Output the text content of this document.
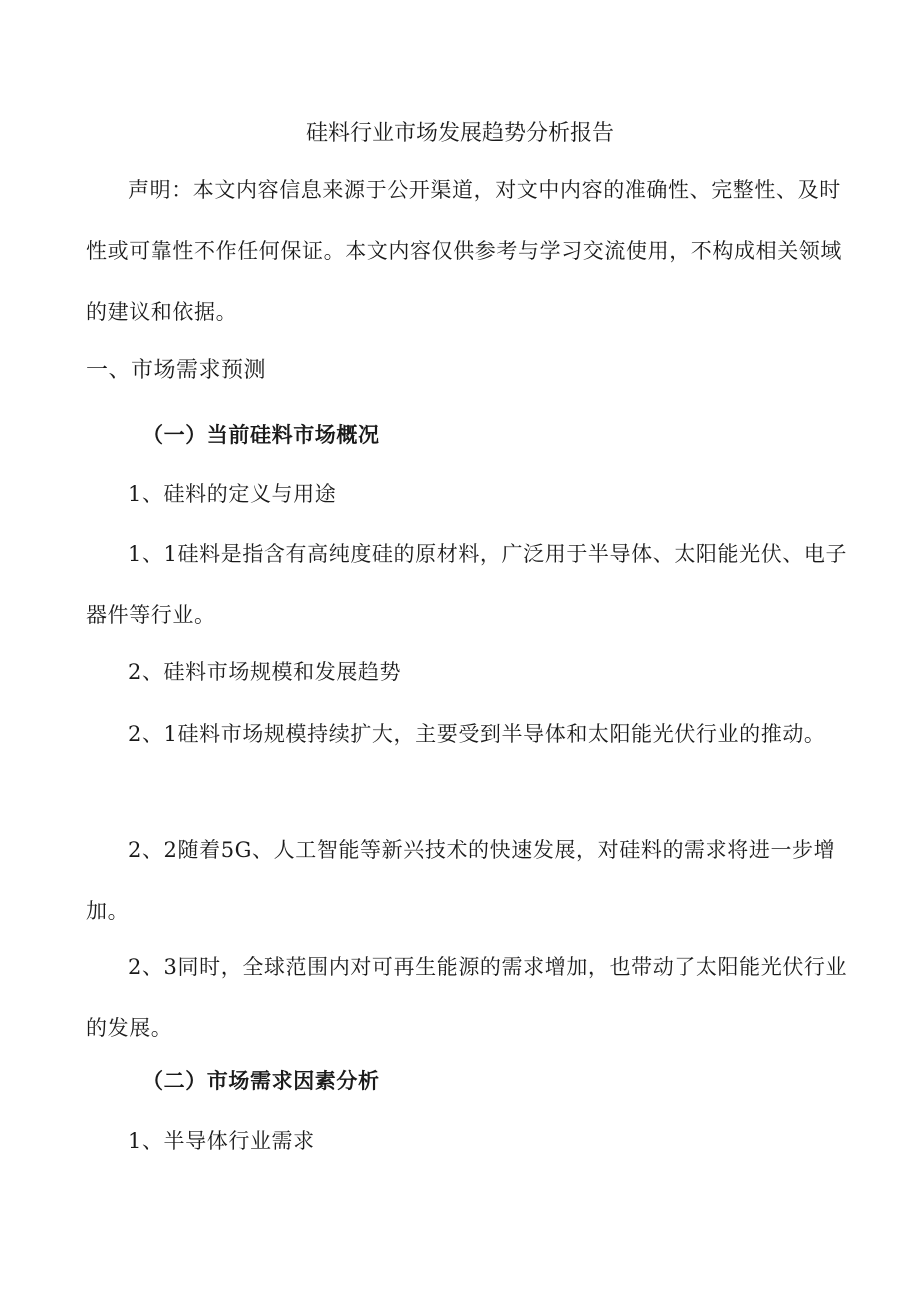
硅料行业市场发展趋势分析报告

声明：本文内容信息来源于公开渠道，对文中内容的准确性、完整性、及时性或可靠性不作任何保证。本文内容仅供参考与学习交流使用，不构成相关领域的建议和依据。

一、市场需求预测
（一）当前硅料市场概况

1、硅料的定义与用途

1、1硅料是指含有高纯度硅的原材料，广泛用于半导体、太阳能光伏、电子器件等行业。

2、硅料市场规模和发展趋势

2、1硅料市场规模持续扩大，主要受到半导体和太阳能光伏行业的推动。

2、2随着5G、人工智能等新兴技术的快速发展，对硅料的需求将进一步增加。

2、3同时，全球范围内对可再生能源的需求增加，也带动了太阳能光伏行业的发展。

（二）市场需求因素分析

1、半导体行业需求
